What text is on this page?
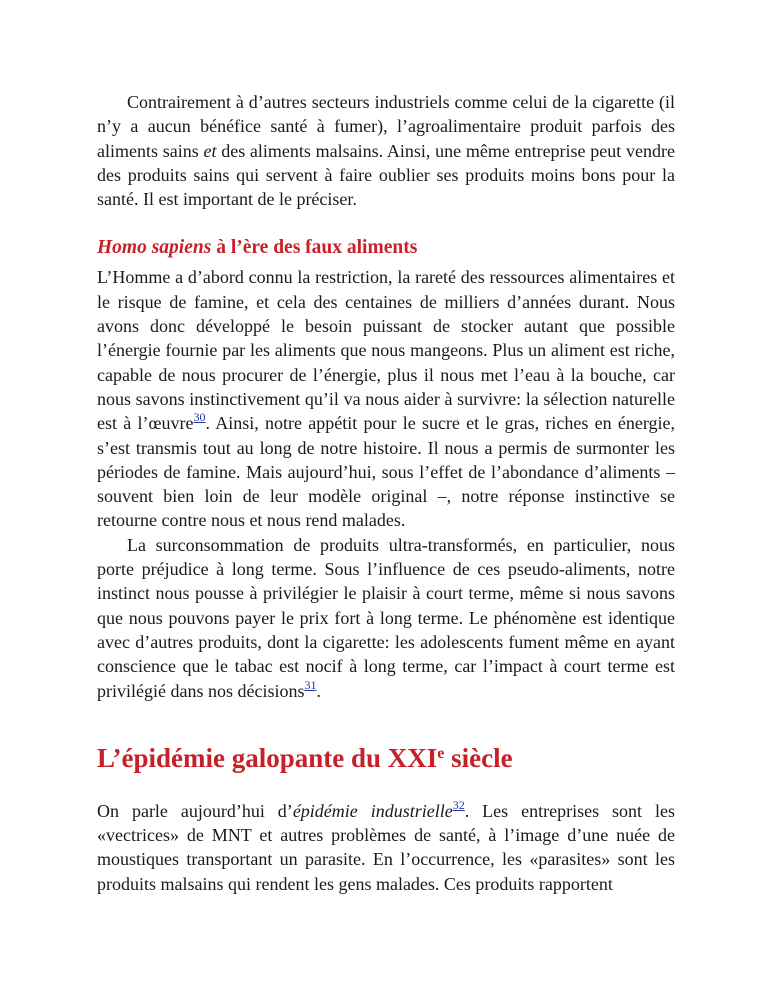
Contrairement à d’autres secteurs industriels comme celui de la cigarette (il n’y a aucun bénéfice santé à fumer), l’agroalimentaire produit parfois des aliments sains et des aliments malsains. Ainsi, une même entreprise peut vendre des produits sains qui servent à faire oublier ses produits moins bons pour la santé. Il est important de le préciser.

Homo sapiens à l’ère des faux aliments

L’Homme a d’abord connu la restriction, la rareté des ressources alimentaires et le risque de famine, et cela des centaines de milliers d’années durant. Nous avons donc développé le besoin puissant de stocker autant que possible l’énergie fournie par les aliments que nous mangeons. Plus un aliment est riche, capable de nous procurer de l’énergie, plus il nous met l’eau à la bouche, car nous savons instinctivement qu’il va nous aider à survivre: la sélection naturelle est à l’œuvre$^{30}$. Ainsi, notre appétit pour le sucre et le gras, riches en énergie, s’est transmis tout au long de notre histoire. Il nous a permis de surmonter les périodes de famine. Mais aujourd’hui, sous l’effet de l’abondance d’aliments – souvent bien loin de leur modèle original –, notre réponse instinctive se retourne contre nous et nous rend malades.

La surconsommation de produits ultra-transformés, en particulier, nous porte préjudice à long terme. Sous l’influence de ces pseudo-aliments, notre instinct nous pousse à privilégier le plaisir à court terme, même si nous savons que nous pouvons payer le prix fort à long terme. Le phénomène est identique avec d’autres produits, dont la cigarette: les adolescents fument même en ayant conscience que le tabac est nocif à long terme, car l’impact à court terme est privilégié dans nos décisions$^{31}$.

L’épidémie galopante du XXIe siècle

On parle aujourd’hui d’épidémie industrielle$^{32}$. Les entreprises sont les «vectrices» de MNT et autres problèmes de santé, à l’image d’une nuée de moustiques transportant un parasite. En l’occurrence, les «parasites» sont les produits malsains qui rendent les gens malades. Ces produits rapportent
